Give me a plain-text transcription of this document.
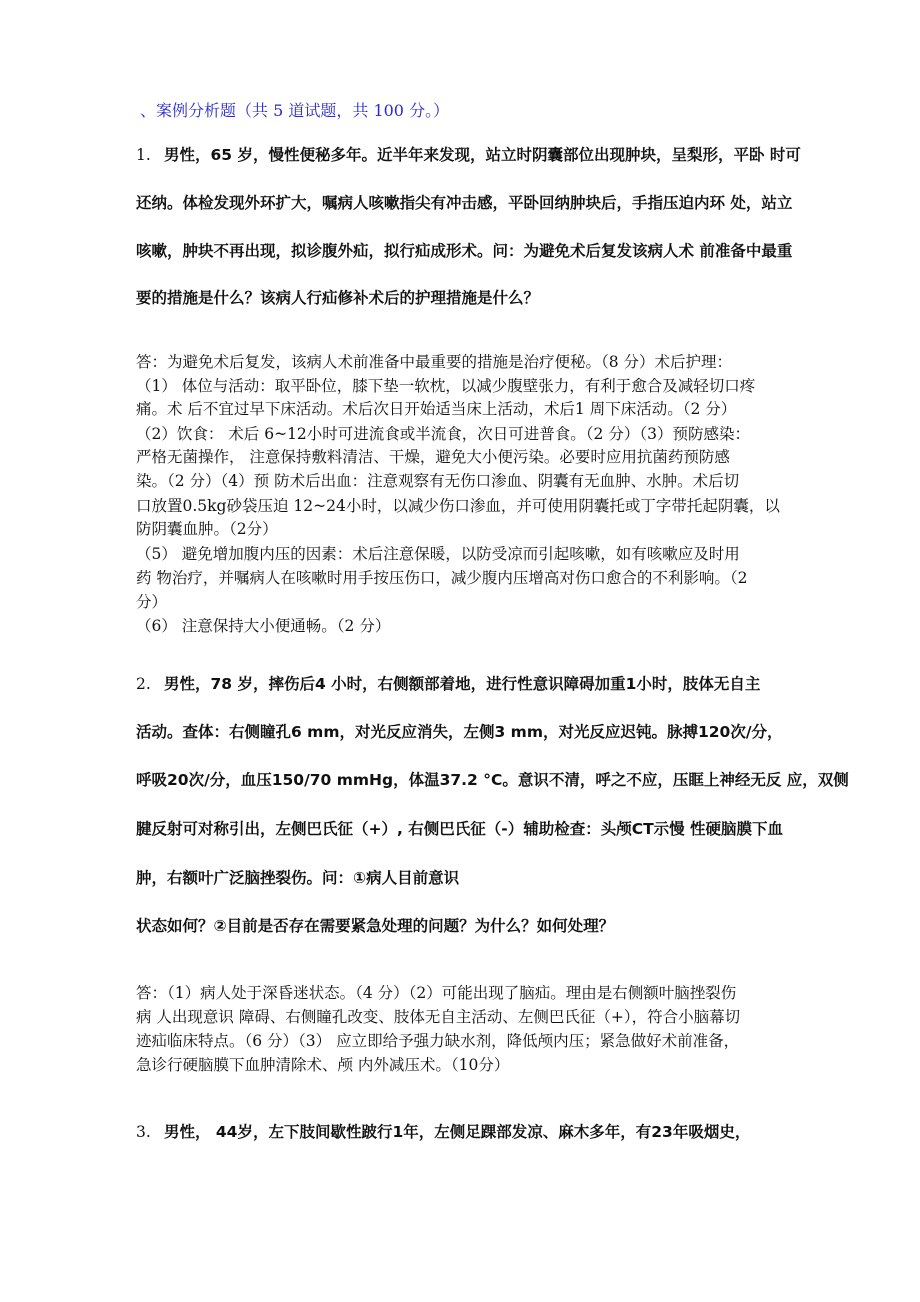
、案例分析题（共 5 道试题，共 100 分。）
1. 男性，65 岁，慢性便秘多年。近半年来发现，站立时阴囊部位出现肿块，呈梨形，平卧 时可
还纳。体检发现外环扩大，嘱病人咳嗽指尖有冲击感，平卧回纳肿块后，手指压迫内环 处，站立
咳嗽，肿块不再出现，拟诊腹外疝，拟行疝成形术。问：为避免术后复发该病人术 前准备中最重
要的措施是什么？该病人行疝修补术后的护理措施是什么？
答：为避免术后复发，该病人术前准备中最重要的措施是治疗便秘。（8 分）术后护理：
（1） 体位与活动：取平卧位，膝下垫一软枕，以减少腹壁张力，有利于愈合及减轻切口疼
痛。术 后不宜过早下床活动。术后次日开始适当床上活动，术后1 周下床活动。（2 分）
（2）饮食： 术后 6~12小时可进流食或半流食，次日可进普食。（2 分）（3）预防感染：
严格无菌操作， 注意保持敷料清洁、干燥，避免大小便污染。必要时应用抗菌药预防感
染。（2 分）（4）预 防术后出血：注意观察有无伤口渗血、阴囊有无血肿、水肿。术后切
口放置0.5kg砂袋压迫 12~24小时，以减少伤口渗血，并可使用阴囊托或丁字带托起阴囊，以
防阴囊血肿。（2分）
（5） 避免增加腹内压的因素：术后注意保暖，以防受凉而引起咳嗽，如有咳嗽应及时用
药 物治疗，并嘱病人在咳嗽时用手按压伤口，减少腹内压增高对伤口愈合的不利影响。（2
分）
（6） 注意保持大小便通畅。（2 分）
2. 男性，78 岁，摔伤后4 小时，右侧额部着地，进行性意识障碍加重1小时，肢体无自主
活动。查体：右侧瞳孔6 mm，对光反应消失，左侧3 mm，对光反应迟钝。脉搏120次/分，
呼吸20次/分，血压150/70 mmHg，体温37.2 °C。意识不清，呼之不应，压眶上神经无反 应，双侧
腱反射可对称引出，左侧巴氏征（+）, 右侧巴氏征（-）辅助检查：头颅CT示慢 性硬脑膜下血
肿，右额叶广泛脑挫裂伤。问：①病人目前意识
状态如何？②目前是否存在需要紧急处理的问题？为什么？如何处理？
答：（1）病人处于深昏迷状态。（4 分）（2）可能出现了脑疝。理由是右侧额叶脑挫裂伤
病 人出现意识 障碍、右侧瞳孔改变、肢体无自主活动、左侧巴氏征（+），符合小脑幕切
迹疝临床特点。（6 分）（3） 应立即给予强力缺水剂，降低颅内压；紧急做好术前准备，
急诊行硬脑膜下血肿清除术、颅 内外减压术。（10分）
3. 男性， 44岁，左下肢间歇性跛行1年，左侧足踝部发凉、麻木多年，有23年吸烟史，
